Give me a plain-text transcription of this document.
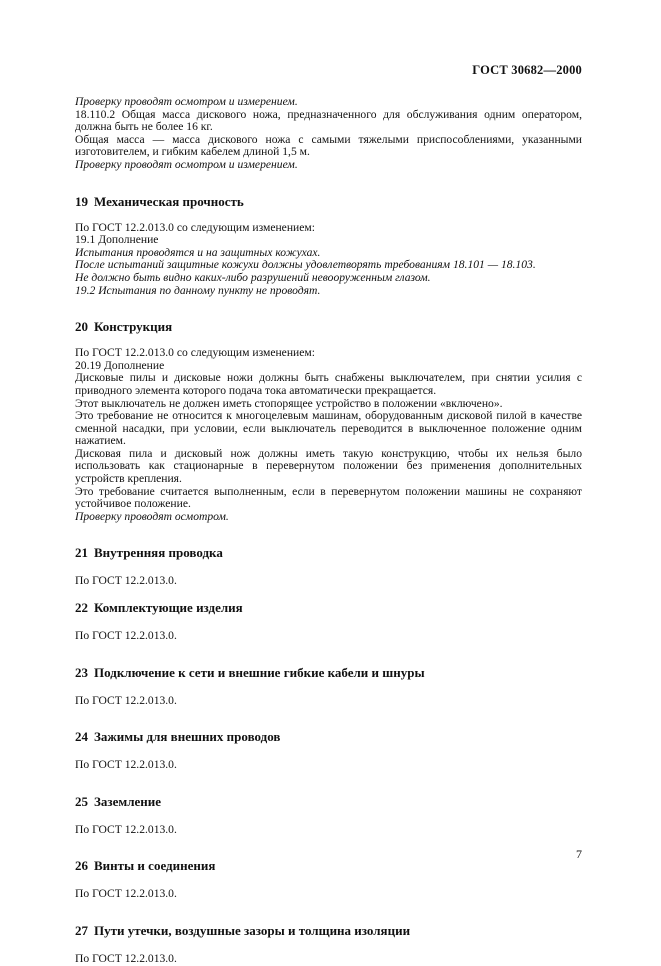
ГОСТ 30682—2000

Проверку проводят осмотром и измерением.

18.110.2 Общая масса дискового ножа, предназначенного для обслуживания одним оператором, должна быть не более 16 кг.

Общая масса — масса дискового ножа с самыми тяжелыми приспособлениями, указанными изготовителем, и гибким кабелем длиной 1,5 м.

Проверку проводят осмотром и измерением.

19 Механическая прочность

По ГОСТ 12.2.013.0 со следующим изменением:

19.1 Дополнение

Испытания проводятся и на защитных кожухах.

После испытаний защитные кожухи должны удовлетворять требованиям 18.101 — 18.103.

Не должно быть видно каких-либо разрушений невооруженным глазом.

19.2 Испытания по данному пункту не проводят.

20 Конструкция

По ГОСТ 12.2.013.0 со следующим изменением:

20.19 Дополнение

Дисковые пилы и дисковые ножи должны быть снабжены выключателем, при снятии усилия с приводного элемента которого подача тока автоматически прекращается.

Этот выключатель не должен иметь стопорящее устройство в положении «включено».

Это требование не относится к многоцелевым машинам, оборудованным дисковой пилой в качестве сменной насадки, при условии, если выключатель переводится в выключенное положение одним нажатием.

Дисковая пила и дисковый нож должны иметь такую конструкцию, чтобы их нельзя было использовать как стационарные в перевернутом положении без применения дополнительных устройств крепления.

Это требование считается выполненным, если в перевернутом положении машины не сохраняют устойчивое положение.

Проверку проводят осмотром.

21 Внутренняя проводка

По ГОСТ 12.2.013.0.

22 Комплектующие изделия

По ГОСТ 12.2.013.0.

23 Подключение к сети и внешние гибкие кабели и шнуры

По ГОСТ 12.2.013.0.

24 Зажимы для внешних проводов

По ГОСТ 12.2.013.0.

25 Заземление

По ГОСТ 12.2.013.0.

26 Винты и соединения

По ГОСТ 12.2.013.0.

27 Пути утечки, воздушные зазоры и толщина изоляции

По ГОСТ 12.2.013.0.

7
